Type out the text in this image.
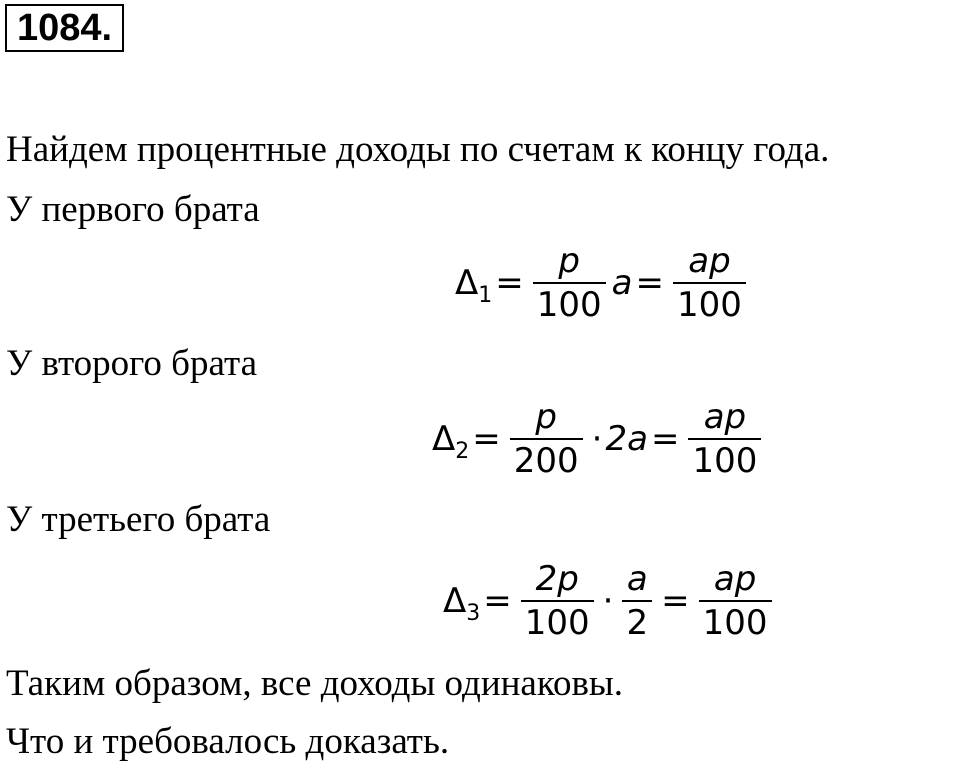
1084.
Найдем процентные доходы по счетам к концу года.
У первого брата
Δ $1 = \frac{p}{100}$ $a = \frac{ap}{100}$
У второго брата
Δ $2 = \frac{p}{200} \cdot 2a = \frac{ap}{100}$
У третьего брата
Δ $3 = \frac{2p}{100} \cdot \frac{a}{2} = \frac{ap}{100}$
Таким образом, все доходы одинаковы.
Что и требовалось доказать.
